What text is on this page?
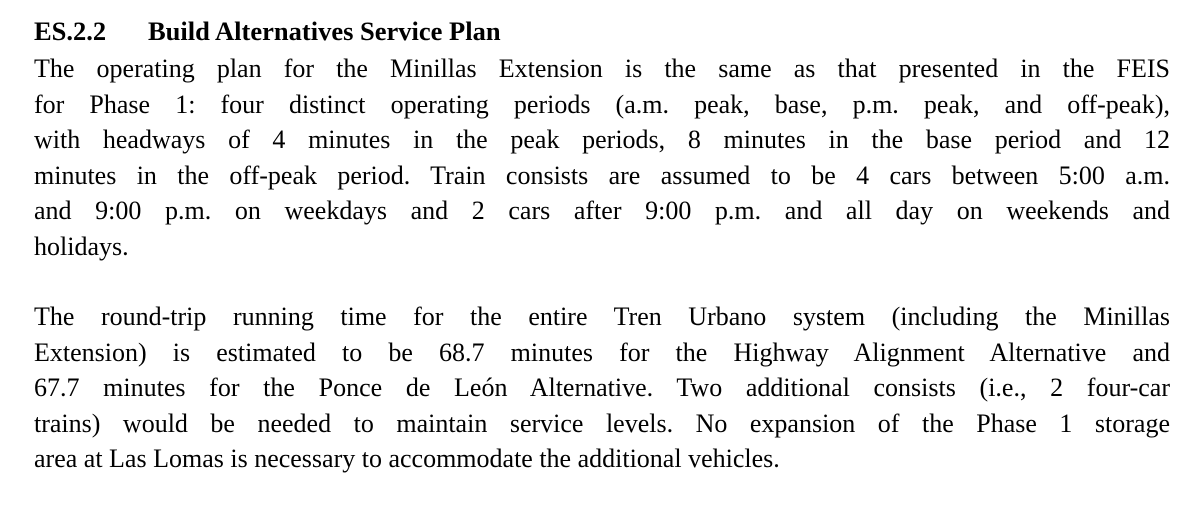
ES.2.2 Build Alternatives Service Plan
The operating plan for the Minillas Extension is the same as that presented in the FEIS
for Phase 1: four distinct operating periods (a.m. peak, base, p.m. peak, and off-peak),
with headways of 4 minutes in the peak periods, 8 minutes in the base period and 12
minutes in the off-peak period. Train consists are assumed to be 4 cars between 5:00 a.m.
and 9:00 p.m. on weekdays and 2 cars after 9:00 p.m. and all day on weekends and
holidays.
The round-trip running time for the entire Tren Urbano system (including the Minillas
Extension) is estimated to be 68.7 minutes for the Highway Alignment Alternative and
67.7 minutes for the Ponce de León Alternative. Two additional consists (i.e., 2 four-car
trains) would be needed to maintain service levels. No expansion of the Phase 1 storage
area at Las Lomas is necessary to accommodate the additional vehicles.
